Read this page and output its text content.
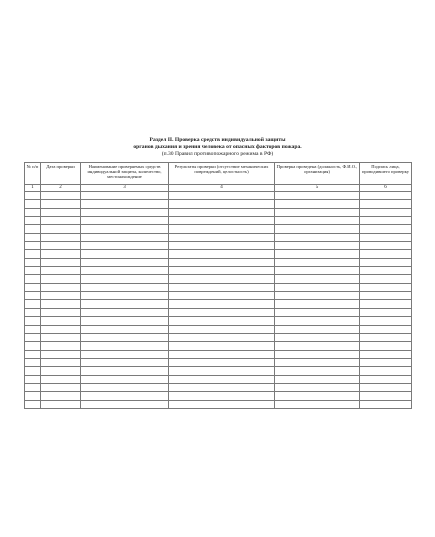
Раздел II. Проверка средств индивидуальной защиты
органов дыхания и зрения человека от опасных факторов пожара.
(п.30 Правил противопожарного режима в РФ)
№ п/п	Дата проверки	Наименование проверяемых средств индивидуальной защиты, количество, местонахождение	Результаты проверки (отсутствие механических повреждений, целостность)	Проверка проведена (должность, Ф.И.О., организация)	Подпись лица, проводившего проверку
1	2	3	4	5	6
